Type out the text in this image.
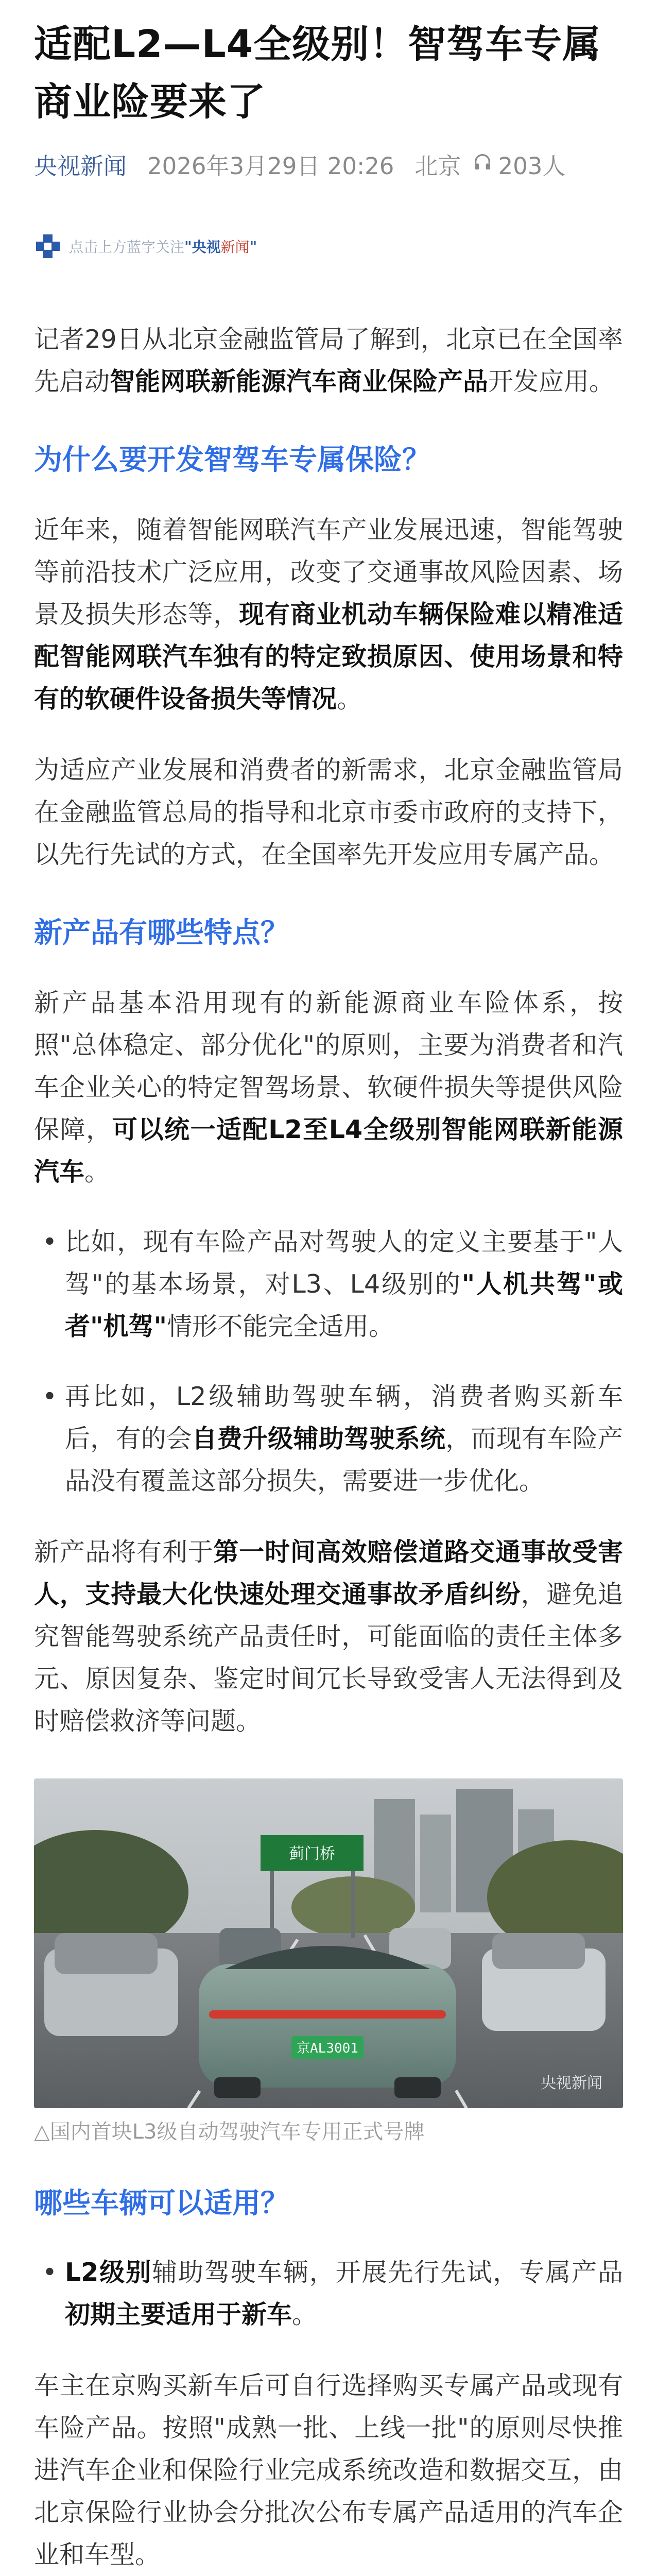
适配L2—L4全级别！智驾车专属商业险要来了
央视新闻 2026年3月29日 20:26 北京 203人
点击上方蓝字关注 " 央视 新闻 "

记者29日从北京金融监管局了解到，北京已在全国率先启动智能网联新能源汽车商业保险产品开发应用。

为什么要开发智驾车专属保险？

近年来，随着智能网联汽车产业发展迅速，智能驾驶等前沿技术广泛应用，改变了交通事故风险因素、场景及损失形态等，现有商业机动车辆保险难以精准适配智能网联汽车独有的特定致损原因、使用场景和特有的软硬件设备损失等情况。

为适应产业发展和消费者的新需求，北京金融监管局在金融监管总局的指导和北京市委市政府的支持下，以先行先试的方式，在全国率先开发应用专属产品。

新产品有哪些特点？

新产品基本沿用现有的新能源商业车险体系，按照"总体稳定、部分优化"的原则，主要为消费者和汽车企业关心的特定智驾场景、软硬件损失等提供风险保障，可以统一适配L2至L4全级别智能网联新能源汽车。

• 比如，现有车险产品对驾驶人的定义主要基于"人驾"的基本场景，对L3、L4级别的"人机共驾"或者"机驾"情形不能完全适用。

• 再比如，L2级辅助驾驶车辆，消费者购买新车后，有的会自费升级辅助驾驶系统，而现有车险产品没有覆盖这部分损失，需要进一步优化。

新产品将有利于第一时间高效赔偿道路交通事故受害人，支持最大化快速处理交通事故矛盾纠纷，避免追究智能驾驶系统产品责任时，可能面临的责任主体多元、原因复杂、鉴定时间冗长导致受害人无法得到及时赔偿救济等问题。

蓟门桥
京AL3001
央视新闻

△国内首块L3级自动驾驶汽车专用正式号牌

哪些车辆可以适用？
• L2级别辅助驾驶车辆，开展先行先试，专属产品初期主要适用于新车。

车主在京购买新车后可自行选择购买专属产品或现有车险产品。按照"成熟一批、上线一批"的原则尽快推进汽车企业和保险行业完成系统改造和数据交互，由北京保险行业协会分批次公布专属产品适用的汽车企业和车型。
